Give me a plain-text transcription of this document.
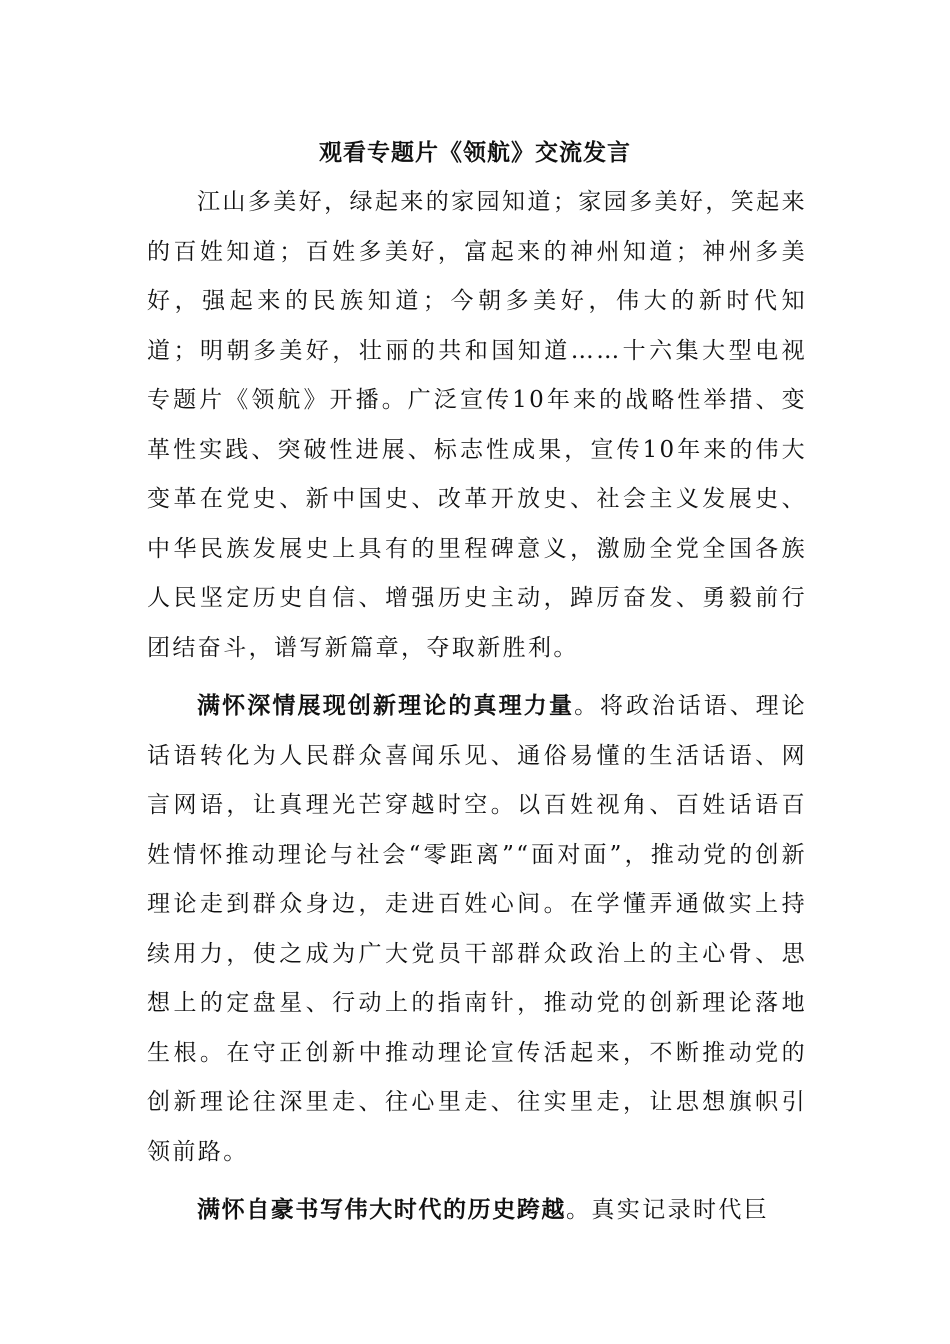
观看专题片《领航》交流发言

江山多美好，绿起来的家园知道；家园多美好，笑起来的百姓知道；百姓多美好，富起来的神州知道；神州多美好，强起来的民族知道；今朝多美好，伟大的新时代知道；明朝多美好，壮丽的共和国知道……十六集大型电视专题片《领航》开播。广泛宣传10年来的战略性举措、变革性实践、突破性进展、标志性成果，宣传10年来的伟大变革在党史、新中国史、改革开放史、社会主义发展史、中华民族发展史上具有的里程碑意义，激励全党全国各族人民坚定历史自信、增强历史主动，踔厉奋发、勇毅前行团结奋斗，谱写新篇章，夺取新胜利。

满怀深情展现创新理论的真理力量。将政治话语、理论话语转化为人民群众喜闻乐见、通俗易懂的生活话语、网言网语，让真理光芒穿越时空。以百姓视角、百姓话语百姓情怀推动理论与社会“零距离”“面对面”，推动党的创新理论走到群众身边，走进百姓心间。在学懂弄通做实上持续用力，使之成为广大党员干部群众政治上的主心骨、思想上的定盘星、行动上的指南针，推动党的创新理论落地生根。在守正创新中推动理论宣传活起来，不断推动党的创新理论往深里走、往心里走、往实里走，让思想旗帜引领前路。

满怀自豪书写伟大时代的历史跨越。真实记录时代巨
